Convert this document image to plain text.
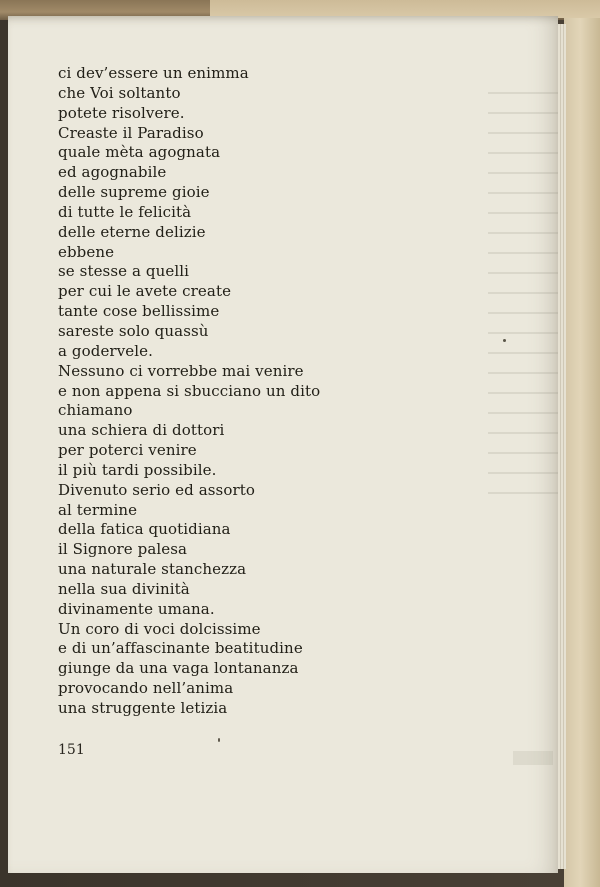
ci dev’essere un enimma
che Voi soltanto
potete risolvere.
Creaste il Paradiso
quale mèta agognata
ed agognabile
delle supreme gioie
di tutte le felicità
delle eterne delizie
ebbene
se stesse a quelli
per cui le avete create
tante cose bellissime
sareste solo quassù
a godervele.
Nessuno ci vorrebbe mai venire
e non appena si sbucciano un dito
chiamano
una schiera di dottori
per poterci venire
il più tardi possibile.
Divenuto serio ed assorto
al termine
della fatica quotidiana
il Signore palesa
una naturale stanchezza
nella sua divinità
divinamente umana.
Un coro di voci dolcissime
e di un’affascinante beatitudine
giunge da una vaga lontananza
provocando nell’anima
una struggente letizia
151
